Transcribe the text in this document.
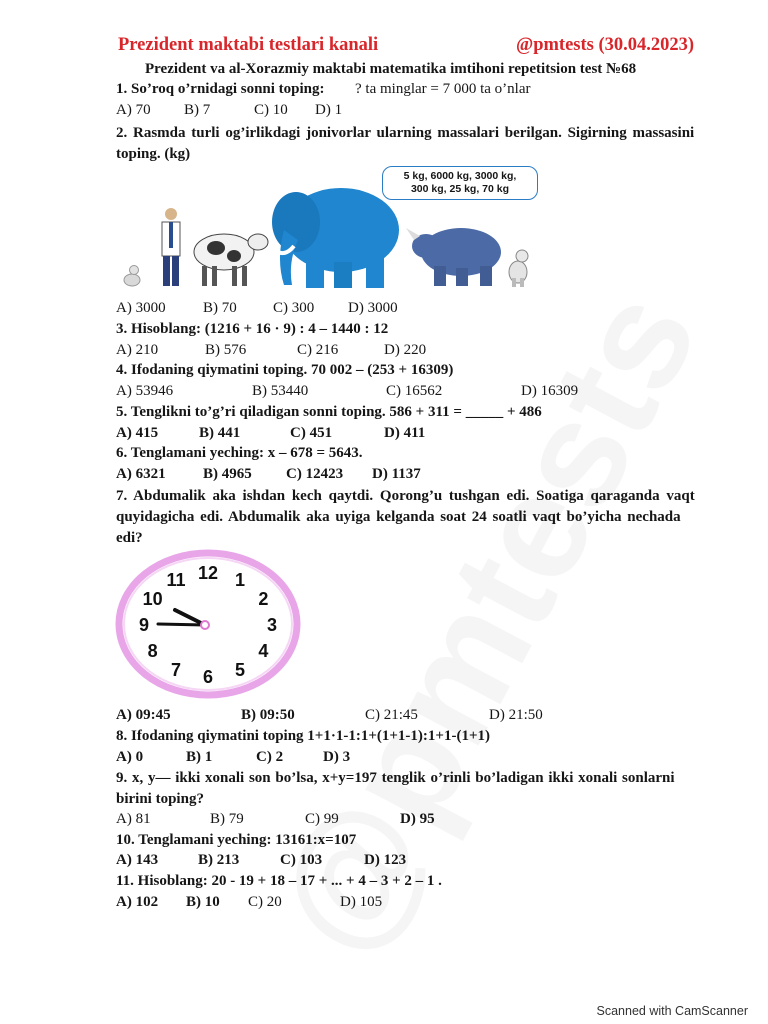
Prezident maktabi testlari kanali	@pmtests (30.04.2023)
Prezident va al-Xorazmiy maktabi matematika imtihoni repetitsion test №68
1. So’roq o’rnidagi sonni toping: ? ta minglar = 7 000 ta o’nlar
A) 70 B) 7	C) 10 D) 1
2. Rasmda turli og’irlikdagi jonivorlar ularning massalari berilgan. Sigirning massasini
toping. (kg)
5 kg, 6000 kg, 3000 kg,
300 kg, 25 kg, 70 kg
A) 3000 B) 70 C) 300 D) 3000
3. Hisoblang: (1216 + 16 · 9) : 4 – 1440 : 12
A) 210	B) 576	C) 216	D) 220
4. Ifodaning qiymatini toping. 70 002 – (253 + 16309)
A) 53946	B) 53440	C) 16562	D) 16309
5. Tenglikni to’g’ri qiladigan sonni toping. 586 + 311 = _____ + 486
A) 415	B) 441	C) 451	D) 411
6. Tenglamani yeching: x – 678 = 5643.
A) 6321 B) 4965 C) 12423 D) 1137
7. Abdumalik aka ishdan kech qaytdi. Qorong’u tushgan edi. Soatiga qaraganda vaqt
quyidagicha edi. Abdumalik aka uyiga kelganda soat 24 soatli vaqt bo’yicha nechada
edi?
12 1
2
3
4
5
6
7
8
9
10
11
A) 09:45	B) 09:50	C) 21:45	D) 21:50
8. Ifodaning qiymatini toping 1+1·1-1:1+(1+1-1):1+1-(1+1)
A) 0	B) 1	C) 2	D) 3
9. x, y— ikki xonali son bo’lsa, x+y=197 tenglik o’rinli bo’ladigan ikki xonali sonlarni
birini toping?
A) 81	B) 79	C) 99	D) 95
10. Tenglamani yeching: 13161:x=107
A) 143	B) 213	C) 103	D) 123
11. Hisoblang: 20 - 19 + 18 – 17 + ... + 4 – 3 + 2 – 1 .
A) 102 B) 10 C) 20	D) 105
Scanned with CamScanner
